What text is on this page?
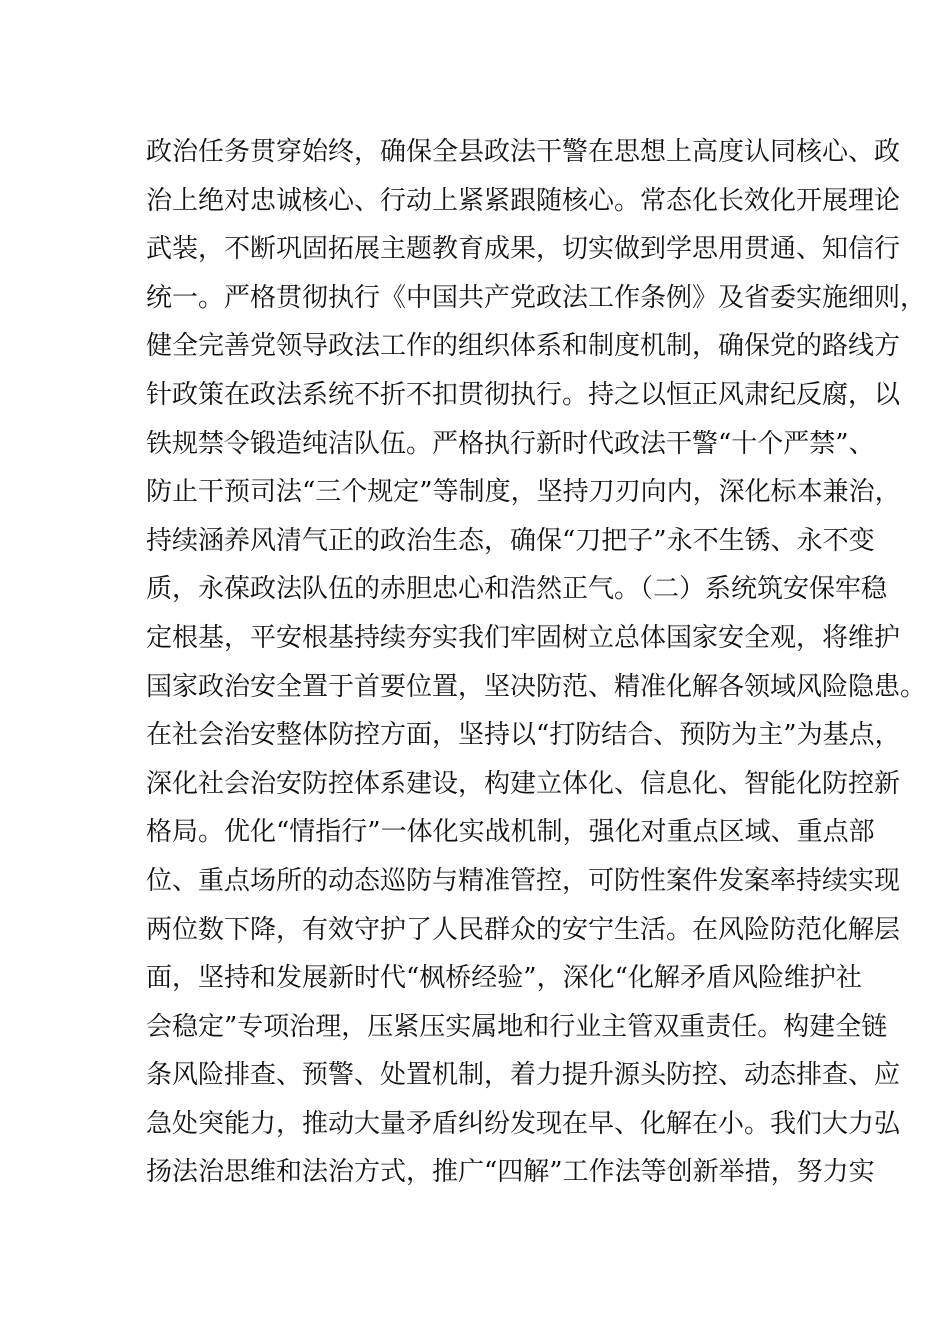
政治任务贯穿始终，确保全县政法干警在思想上高度认同核心、政
治上绝对忠诚核心、行动上紧紧跟随核心。常态化长效化开展理论
武装，不断巩固拓展主题教育成果，切实做到学思用贯通、知信行
统一。严格贯彻执行《中国共产党政法工作条例》及省委实施细则，
健全完善党领导政法工作的组织体系和制度机制，确保党的路线方
针政策在政法系统不折不扣贯彻执行。持之以恒正风肃纪反腐，以
铁规禁令锻造纯洁队伍。严格执行新时代政法干警“十个严禁”、
防止干预司法“三个规定”等制度，坚持刀刃向内，深化标本兼治，
持续涵养风清气正的政治生态，确保“刀把子”永不生锈、永不变
质，永葆政法队伍的赤胆忠心和浩然正气。（二）系统筑安保牢稳
定根基，平安根基持续夯实我们牢固树立总体国家安全观，将维护
国家政治安全置于首要位置，坚决防范、精准化解各领域风险隐患。
在社会治安整体防控方面，坚持以“打防结合、预防为主”为基点，
深化社会治安防控体系建设，构建立体化、信息化、智能化防控新
格局。优化“情指行”一体化实战机制，强化对重点区域、重点部
位、重点场所的动态巡防与精准管控，可防性案件发案率持续实现
两位数下降，有效守护了人民群众的安宁生活。在风险防范化解层
面，坚持和发展新时代“枫桥经验”，深化“化解矛盾风险维护社
会稳定”专项治理，压紧压实属地和行业主管双重责任。构建全链
条风险排查、预警、处置机制，着力提升源头防控、动态排查、应
急处突能力，推动大量矛盾纠纷发现在早、化解在小。我们大力弘
扬法治思维和法治方式，推广“四解”工作法等创新举措，努力实
